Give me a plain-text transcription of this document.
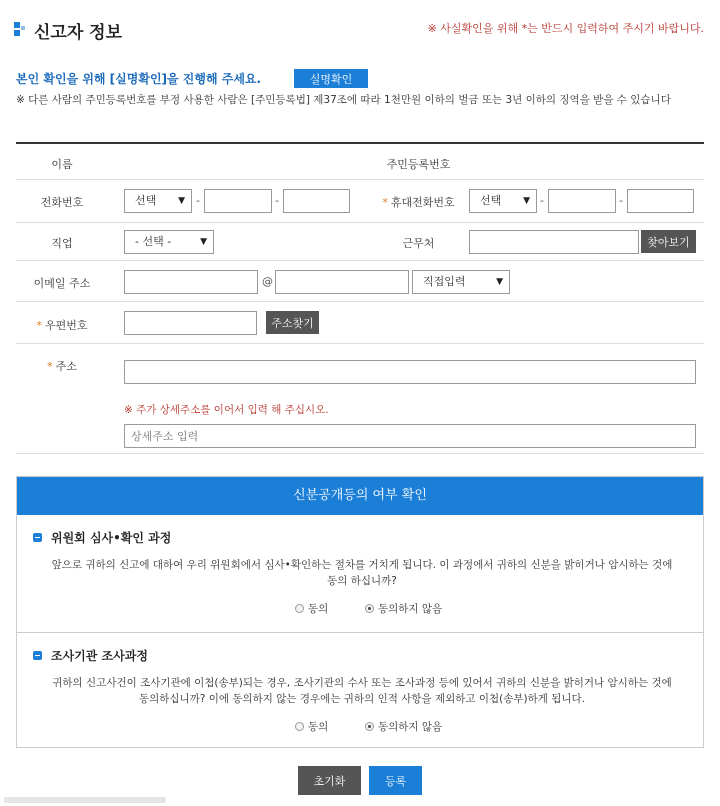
신고자 정보	※ 사실확인을 위해 *는 반드시 입력하여 주시기 바랍니다.
본인 확인을 위해 [실명확인]을 진행해 주세요.	실명확인
※ 다른 사람의 주민등록번호를 부정 사용한 사람은 [주민등록법] 제37조에 따라 1천만원 이하의 벌금 또는 3년 이하의 징역을 받을 수 있습니다
이름	주민등록번호
전화번호	선택 ▼ -	-	* 휴대전화번호	선택 ▼ -	-
직업	- 선택 -	▼	근무처	찾아보기
이메일 주소	@	직접입력	▼
* 우편번호	주소찾기
* 주소
※ 주가 상세주소를 이어서 입력 해 주십시오.
상세주소 입력
신분공개등의 여부 확인
위원회 심사•확인 과정
앞으로 귀하의 신고에 대하여 우리 위원회에서 심사•확인하는 절차를 거치게 됩니다. 이 과정에서 귀하의 신분을 밝히거나 암시하는 것에 동의 하십니까?
동의	동의하지 않음
조사기관 조사과정
귀하의 신고사건이 조사기관에 이첩(송부)되는 경우, 조사기관의 수사 또는 조사과정 등에 있어서 귀하의 신분을 밝히거나 암시하는 것에 동의하십니까? 이에 동의하지 않는 경우에는 귀하의 인적 사항을 제외하고 이첩(송부)하게 됩니다.
동의	동의하지 않음
초기화	등록
